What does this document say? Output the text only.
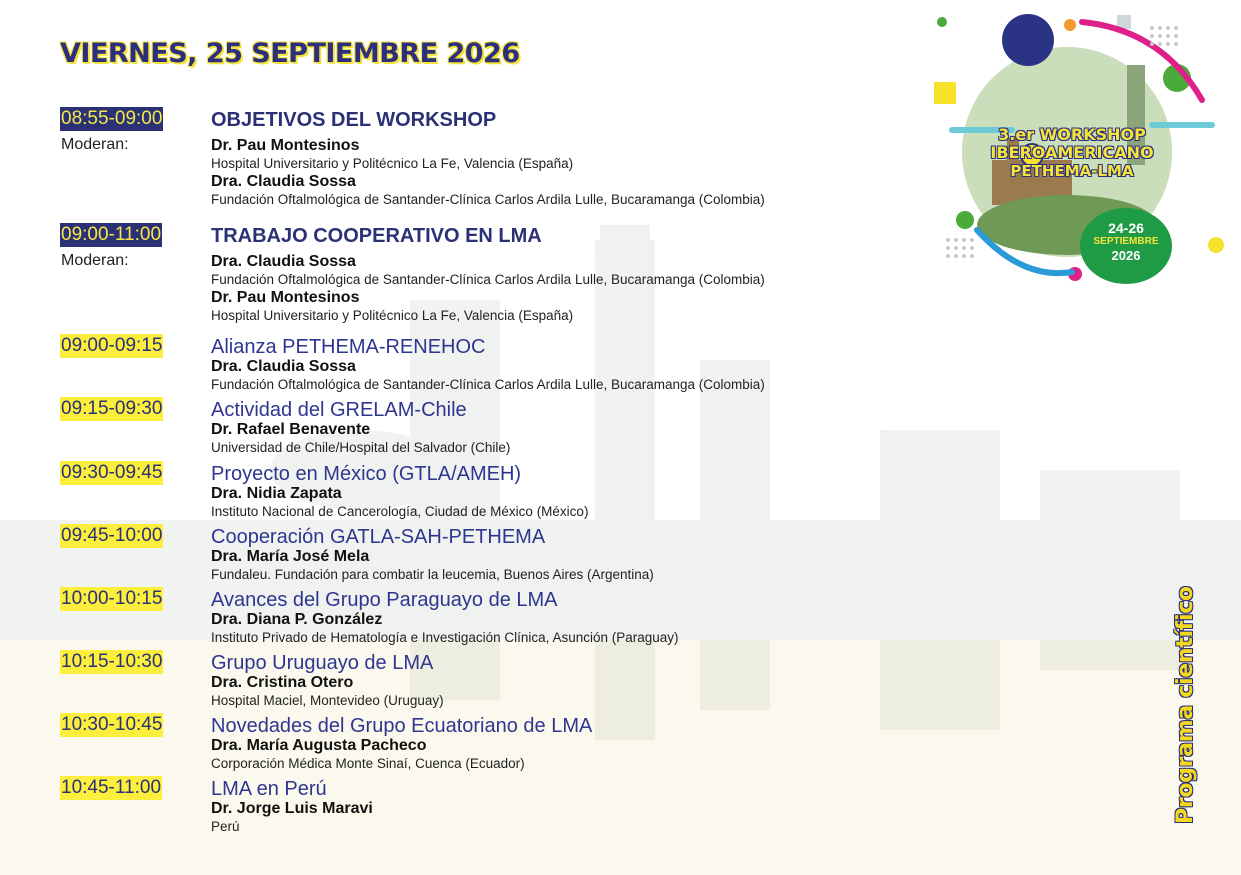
VIERNES, 25 SEPTIEMBRE 2026
08:55-09:00
Moderan:

OBJETIVOS DEL WORKSHOP

Dr. Pau Montesinos

Hospital Universitario y Politécnico La Fe, Valencia (España)

Dra. Claudia Sossa

Fundación Oftalmológica de Santander-Clínica Carlos Ardila Lulle, Bucaramanga (Colombia)

09:00-11:00
Moderan:

TRABAJO COOPERATIVO EN LMA

Dra. Claudia Sossa

Fundación Oftalmológica de Santander-Clínica Carlos Ardila Lulle, Bucaramanga (Colombia)

Dr. Pau Montesinos

Hospital Universitario y Politécnico La Fe, Valencia (España)

09:00-09:15 Alianza PETHEMA-RENEHOC

Dra. Claudia Sossa

Fundación Oftalmológica de Santander-Clínica Carlos Ardila Lulle, Bucaramanga (Colombia)

09:15-09:30 Actividad del GRELAM-Chile

Dr. Rafael Benavente

Universidad de Chile/Hospital del Salvador (Chile)

09:30-09:45 Proyecto en México (GTLA/AMEH)

Dra. Nidia Zapata

Instituto Nacional de Cancerología, Ciudad de México (México)

09:45-10:00 Cooperación GATLA-SAH-PETHEMA

Dra. María José Mela

Fundaleu. Fundación para combatir la leucemia, Buenos Aires (Argentina)

10:00-10:15 Avances del Grupo Paraguayo de LMA

Dra. Diana P. González

Instituto Privado de Hematología e Investigación Clínica, Asunción (Paraguay)

10:15-10:30 Grupo Uruguayo de LMA

Dra. Cristina Otero

Hospital Maciel, Montevideo (Uruguay)

10:30-10:45 Novedades del Grupo Ecuatoriano de LMA

Dra. María Augusta Pacheco

Corporación Médica Monte Sinaí, Cuenca (Ecuador)

10:45-11:00 LMA en Perú

Dr. Jorge Luis Maravi

Perú

3.er WORKSHOP
IBEROAMERICANO
PETHEMA-LMA
24-26
SEPTIEMBRE
2026
Programa científico
